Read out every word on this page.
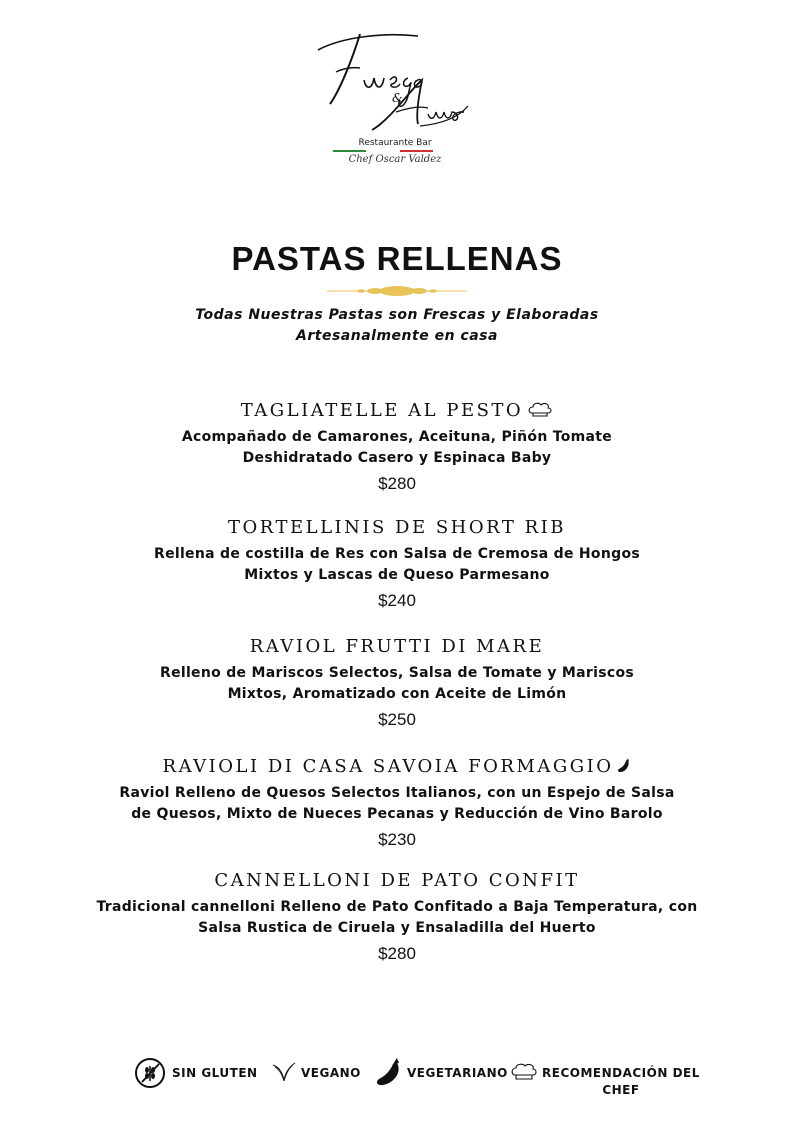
&
Restaurante Bar
Chef Oscar Valdez
PASTAS RELLENAS
Todas Nuestras Pastas son Frescas y Elaboradas
Artesanalmente en casa
TAGLIATELLE AL PESTO
Acompañado de Camarones, Aceituna, Piñón Tomate
Deshidratado Casero y Espinaca Baby
$280
TORTELLINIS DE SHORT RIB
Rellena de costilla de Res con Salsa de Cremosa de Hongos
Mixtos y Lascas de Queso Parmesano
$240
RAVIOL FRUTTI DI MARE
Relleno de Mariscos Selectos, Salsa de Tomate y Mariscos
Mixtos, Aromatizado con Aceite de Limón
$250
RAVIOLI DI CASA SAVOIA FORMAGGIO
Raviol Relleno de Quesos Selectos Italianos, con un Espejo de Salsa
de Quesos, Mixto de Nueces Pecanas y Reducción de Vino Barolo
$230
CANNELLONI DE PATO CONFIT
Tradicional cannelloni Relleno de Pato Confitado a Baja Temperatura, con
Salsa Rustica de Ciruela y Ensaladilla del Huerto
$280
SIN GLUTEN	VEGANO	VEGETARIANO	RECOMENDACIÓN DEL
CHEF
